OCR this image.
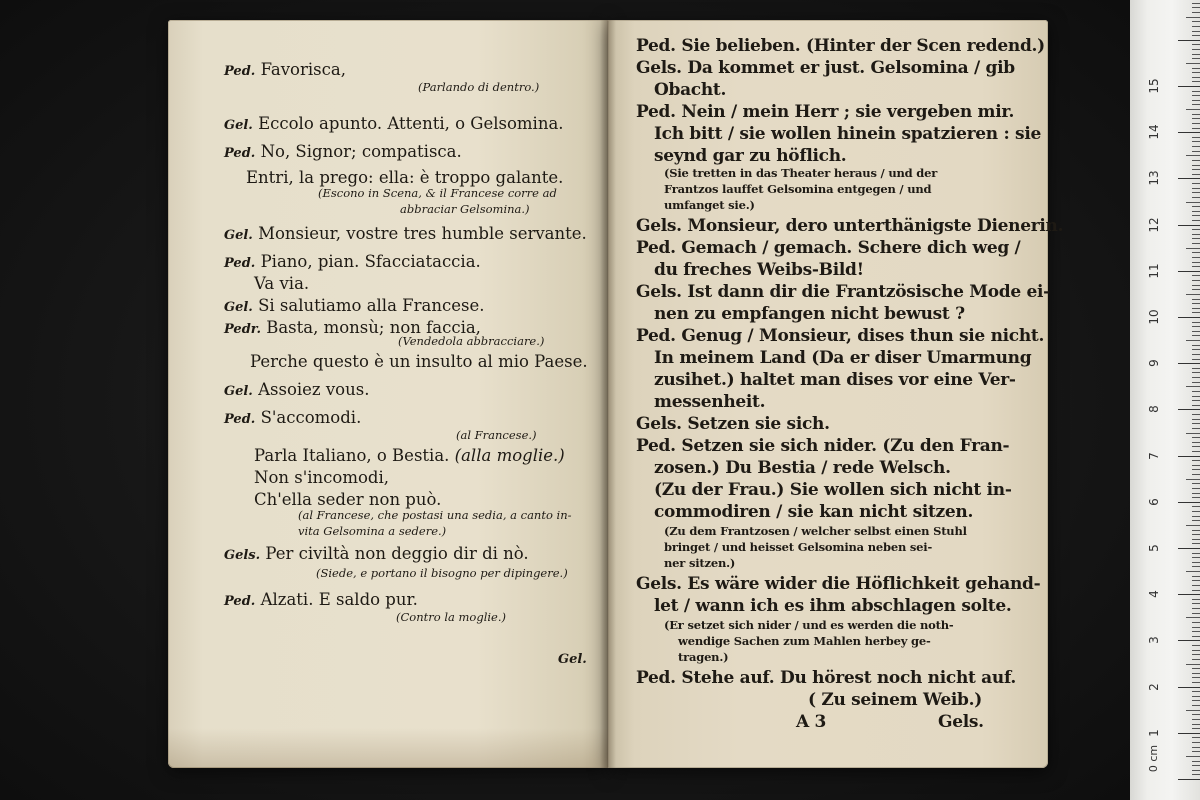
Ped. Favorisca,
(Parlando di dentro.)
Gel. Eccolo apunto. Attenti, o Gelsomina.
Ped. No, Signor; compatisca.
Entri, la prego: ella: è troppo galante.
(Escono in Scena, & il Francese corre ad
abbraciar Gelsomina.)
Gel. Monsieur, vostre tres humble servante.
Ped. Piano, pian. Sfacciataccia.
Va via.
Gel. Si salutiamo alla Francese.
Pedr. Basta, monsù; non faccia,
(Vendedola abbracciare.)
Perche questo è un insulto al mio Paese.
Gel. Assoiez vous.
Ped. S'accomodi.
(al Francese.)
Parla Italiano, o Bestia. (alla moglie.)
Non s'incomodi,
Ch'ella seder non può.
(al Francese, che postasi una sedia, a canto in-
vita Gelsomina a sedere.)
Gels. Per civiltà non deggio dir di nò.
(Siede, e portano il bisogno per dipingere.)
Ped. Alzati. E saldo pur.
(Contro la moglie.)
Gel.
Ped. Sie belieben. (Hinter der Scen redend.)
Gels. Da kommet er just. Gelsomina / gib
Obacht.
Ped. Nein / mein Herr ; sie vergeben mir.
Ich bitt / sie wollen hinein spatzieren : sie
seynd gar zu höflich.
(Sie tretten in das Theater heraus / und der
Frantzos lauffet Gelsomina entgegen / und
umfanget sie.)
Gels. Monsieur, dero unterthänigste Dienerin.
Ped. Gemach / gemach. Schere dich weg /
du freches Weibs-Bild!
Gels. Ist dann dir die Frantzösische Mode ei-
nen zu empfangen nicht bewust ?
Ped. Genug / Monsieur, dises thun sie nicht.
In meinem Land (Da er diser Umarmung
zusihet.) haltet man dises vor eine Ver-
messenheit.
Gels. Setzen sie sich.
Ped. Setzen sie sich nider. (Zu den Fran-
zosen.) Du Bestia / rede Welsch.
(Zu der Frau.) Sie wollen sich nicht in-
commodiren / sie kan nicht sitzen.
(Zu dem Frantzosen / welcher selbst einen Stuhl
bringet / und heisset Gelsomina neben sei-
ner sitzen.)
Gels. Es wäre wider die Höflichkeit gehand-
let / wann ich es ihm abschlagen solte.
(Er setzet sich nider / und es werden die noth-
wendige Sachen zum Mahlen herbey ge-
tragen.)
Ped. Stehe auf. Du hörest noch nicht auf.
( Zu seinem Weib.)
A 3	Gels.
0 cm
1
2
3
4
5
6
7
8
9
10
11
12
13
14
15
